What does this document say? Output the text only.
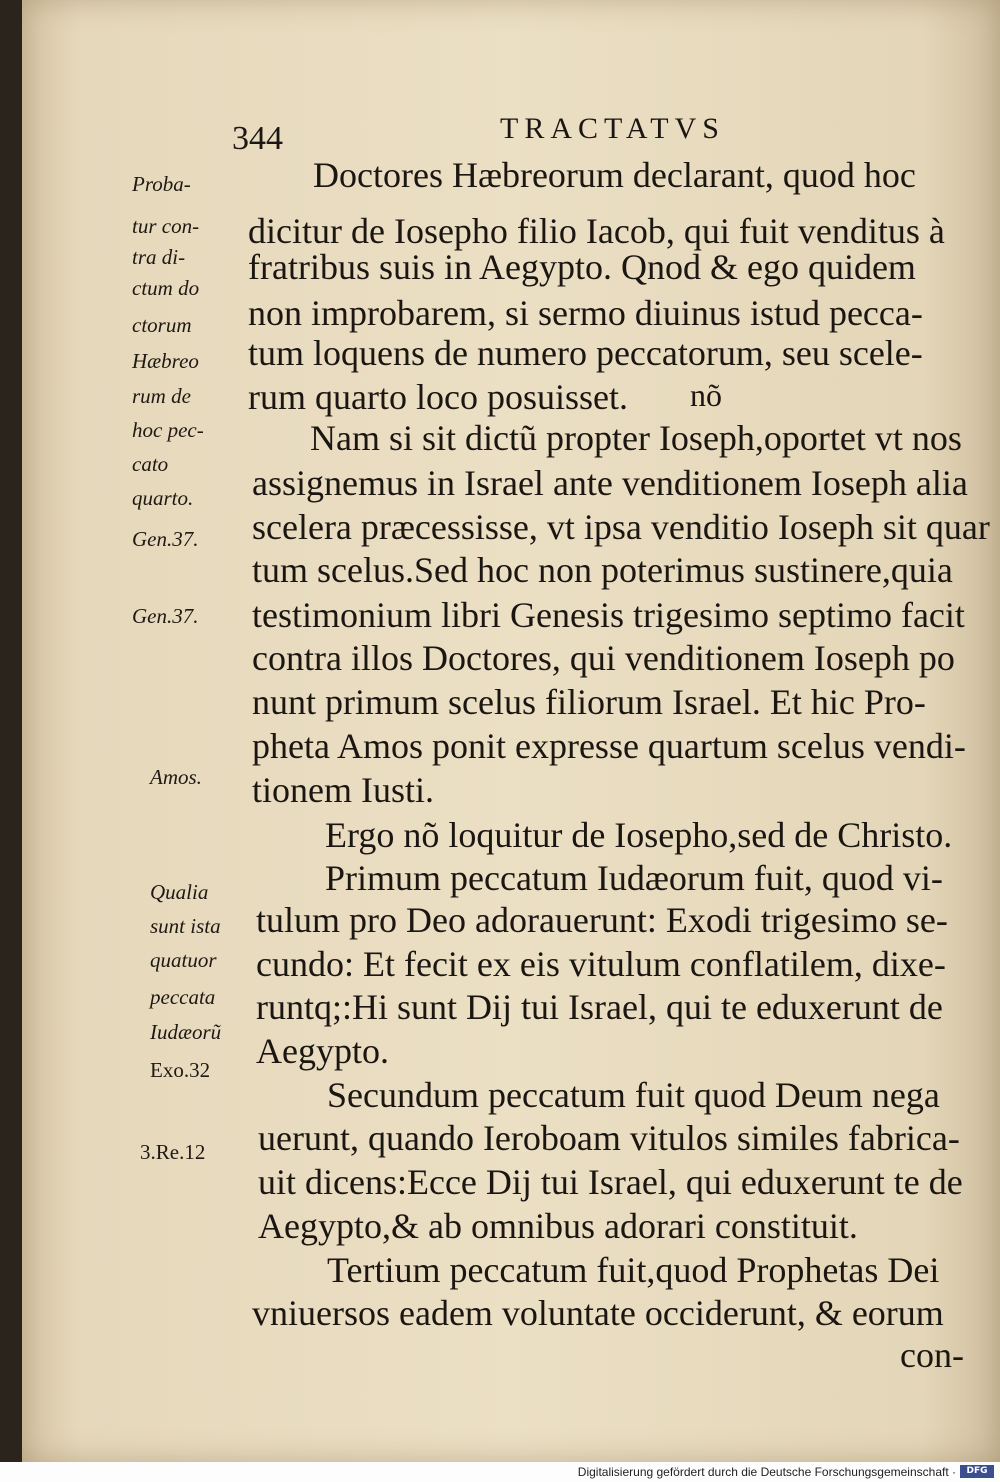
344	TRACTATVS
Doctores Hæbreorum declarant, quod hoc
dicitur de Iosepho filio Iacob, qui fuit venditus à
fratribus suis in Aegypto. Qnod & ego quidem
non improbarem, si sermo diuinus istud pecca-
tum loquens de numero peccatorum, seu scele-
rum quarto loco posuisset. nõ
Nam si sit dictũ propter Ioseph,oportet vt nos
assignemus in Israel ante venditionem Ioseph alia
scelera præcessisse, vt ipsa venditio Ioseph sit quar
tum scelus.Sed hoc non poterimus sustinere,quia
testimonium libri Genesis trigesimo septimo facit
contra illos Doctores, qui venditionem Ioseph po
nunt primum scelus filiorum Israel. Et hic Pro-
pheta Amos ponit expresse quartum scelus vendi-
tionem Iusti.
Ergo nõ loquitur de Iosepho,sed de Christo.
Primum peccatum Iudæorum fuit, quod vi-
tulum pro Deo adorauerunt: Exodi trigesimo se-
cundo: Et fecit ex eis vitulum conflatilem, dixe-
runtq;:Hi sunt Dij tui Israel, qui te eduxerunt de
Aegypto.
Secundum peccatum fuit quod Deum nega
uerunt, quando Ieroboam vitulos similes fabrica-
uit dicens:Ecce Dij tui Israel, qui eduxerunt te de
Aegypto,& ab omnibus adorari constituit.
Tertium peccatum fuit,quod Prophetas Dei
vniuersos eadem voluntate occiderunt, & eorum
con-
Proba-
tur con-
tra di-
ctum do
ctorum
Hæbreo
rum de
hoc pec-
cato
quarto.
Gen.37.
Gen.37.
Amos.
Qualia
sunt ista
quatuor
peccata
Iudæorũ
Exo.32
3.Re.12
Digitalisierung gefördert durch die Deutsche Forschungsgemeinschaft ·	DFG
